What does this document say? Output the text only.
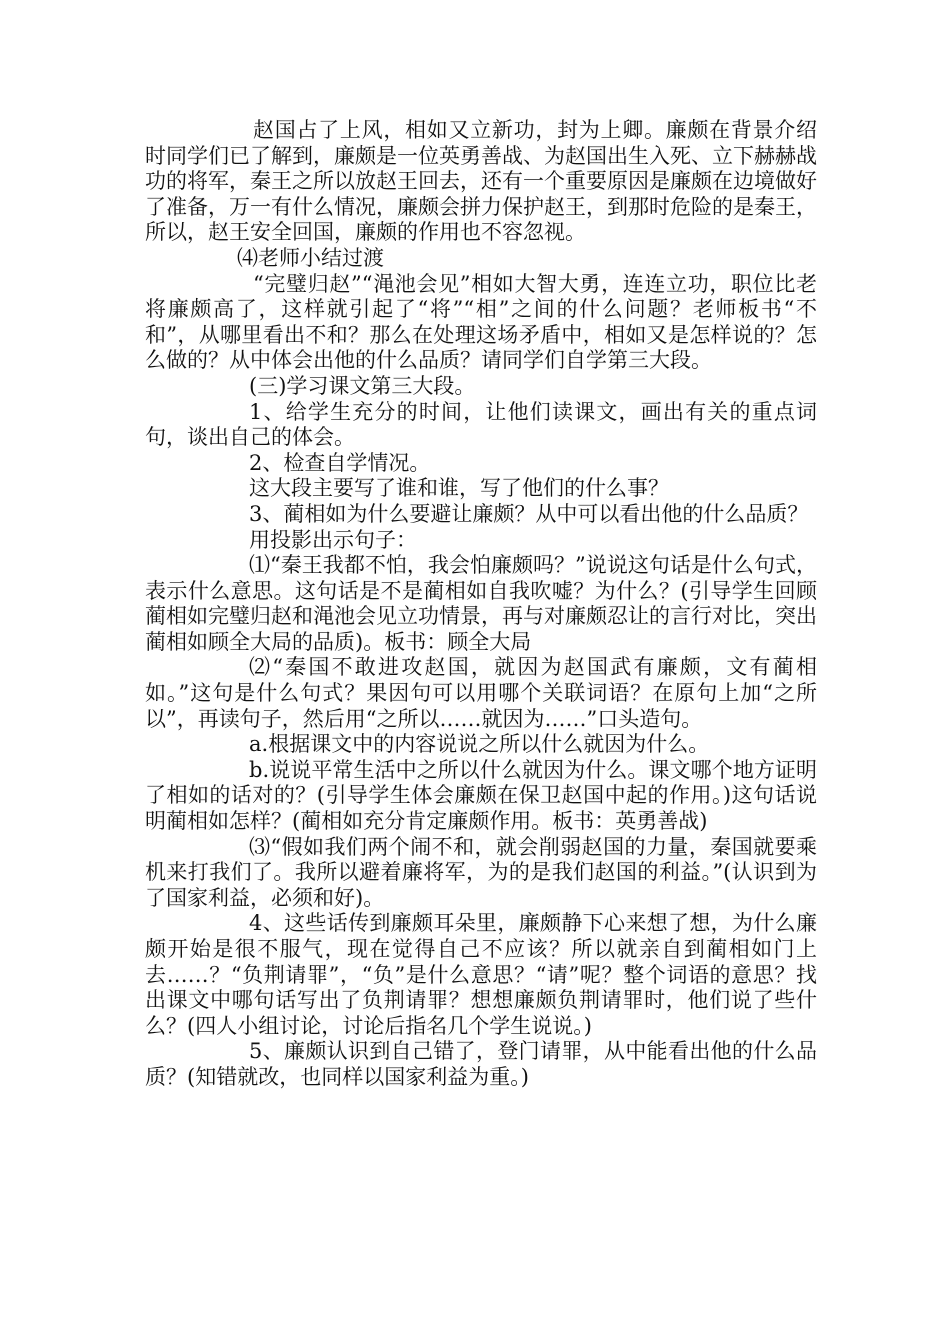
赵国占了上风，相如又立新功，封为上卿。廉颇在背景介绍时同学们已了解到，廉颇是一位英勇善战、为赵国出生入死、立下赫赫战功的将军，秦王之所以放赵王回去，还有一个重要原因是廉颇在边境做好了准备，万一有什么情况，廉颇会拼力保护赵王，到那时危险的是秦王，所以，赵王安全回国，廉颇的作用也不容忽视。

⑷老师小结过渡

“完璧归赵”“渑池会见”相如大智大勇，连连立功，职位比老将廉颇高了，这样就引起了“将”“相”之间的什么问题？老师板书“不和”，从哪里看出不和？那么在处理这场矛盾中，相如又是怎样说的？怎么做的？从中体会出他的什么品质？请同学们自学第三大段。

(三)学习课文第三大段。

1、给学生充分的时间，让他们读课文，画出有关的重点词句，谈出自己的体会。

2、检查自学情况。

这大段主要写了谁和谁，写了他们的什么事？

3、蔺相如为什么要避让廉颇？从中可以看出他的什么品质？

用投影出示句子：

⑴“秦王我都不怕，我会怕廉颇吗？”说说这句话是什么句式，表示什么意思。这句话是不是蔺相如自我吹嘘？为什么？(引导学生回顾蔺相如完璧归赵和渑池会见立功情景，再与对廉颇忍让的言行对比，突出蔺相如顾全大局的品质)。板书：顾全大局

⑵“秦国不敢进攻赵国，就因为赵国武有廉颇，文有蔺相如。”这句是什么句式？果因句可以用哪个关联词语？在原句上加“之所以”，再读句子，然后用“之所以……就因为……”口头造句。

a.根据课文中的内容说说之所以什么就因为什么。

b.说说平常生活中之所以什么就因为什么。课文哪个地方证明了相如的话对的？(引导学生体会廉颇在保卫赵国中起的作用。)这句话说明蔺相如怎样？(蔺相如充分肯定廉颇作用。板书：英勇善战)

⑶“假如我们两个闹不和，就会削弱赵国的力量，秦国就要乘机来打我们了。我所以避着廉将军，为的是我们赵国的利益。”(认识到为了国家利益，必须和好)。

4、这些话传到廉颇耳朵里，廉颇静下心来想了想，为什么廉颇开始是很不服气，现在觉得自己不应该？所以就亲自到蔺相如门上去……？“负荆请罪”，“负”是什么意思？“请”呢？整个词语的意思？找出课文中哪句话写出了负荆请罪？想想廉颇负荆请罪时，他们说了些什么？(四人小组讨论，讨论后指名几个学生说说。)

5、廉颇认识到自己错了，登门请罪，从中能看出他的什么品质？(知错就改，也同样以国家利益为重。)
